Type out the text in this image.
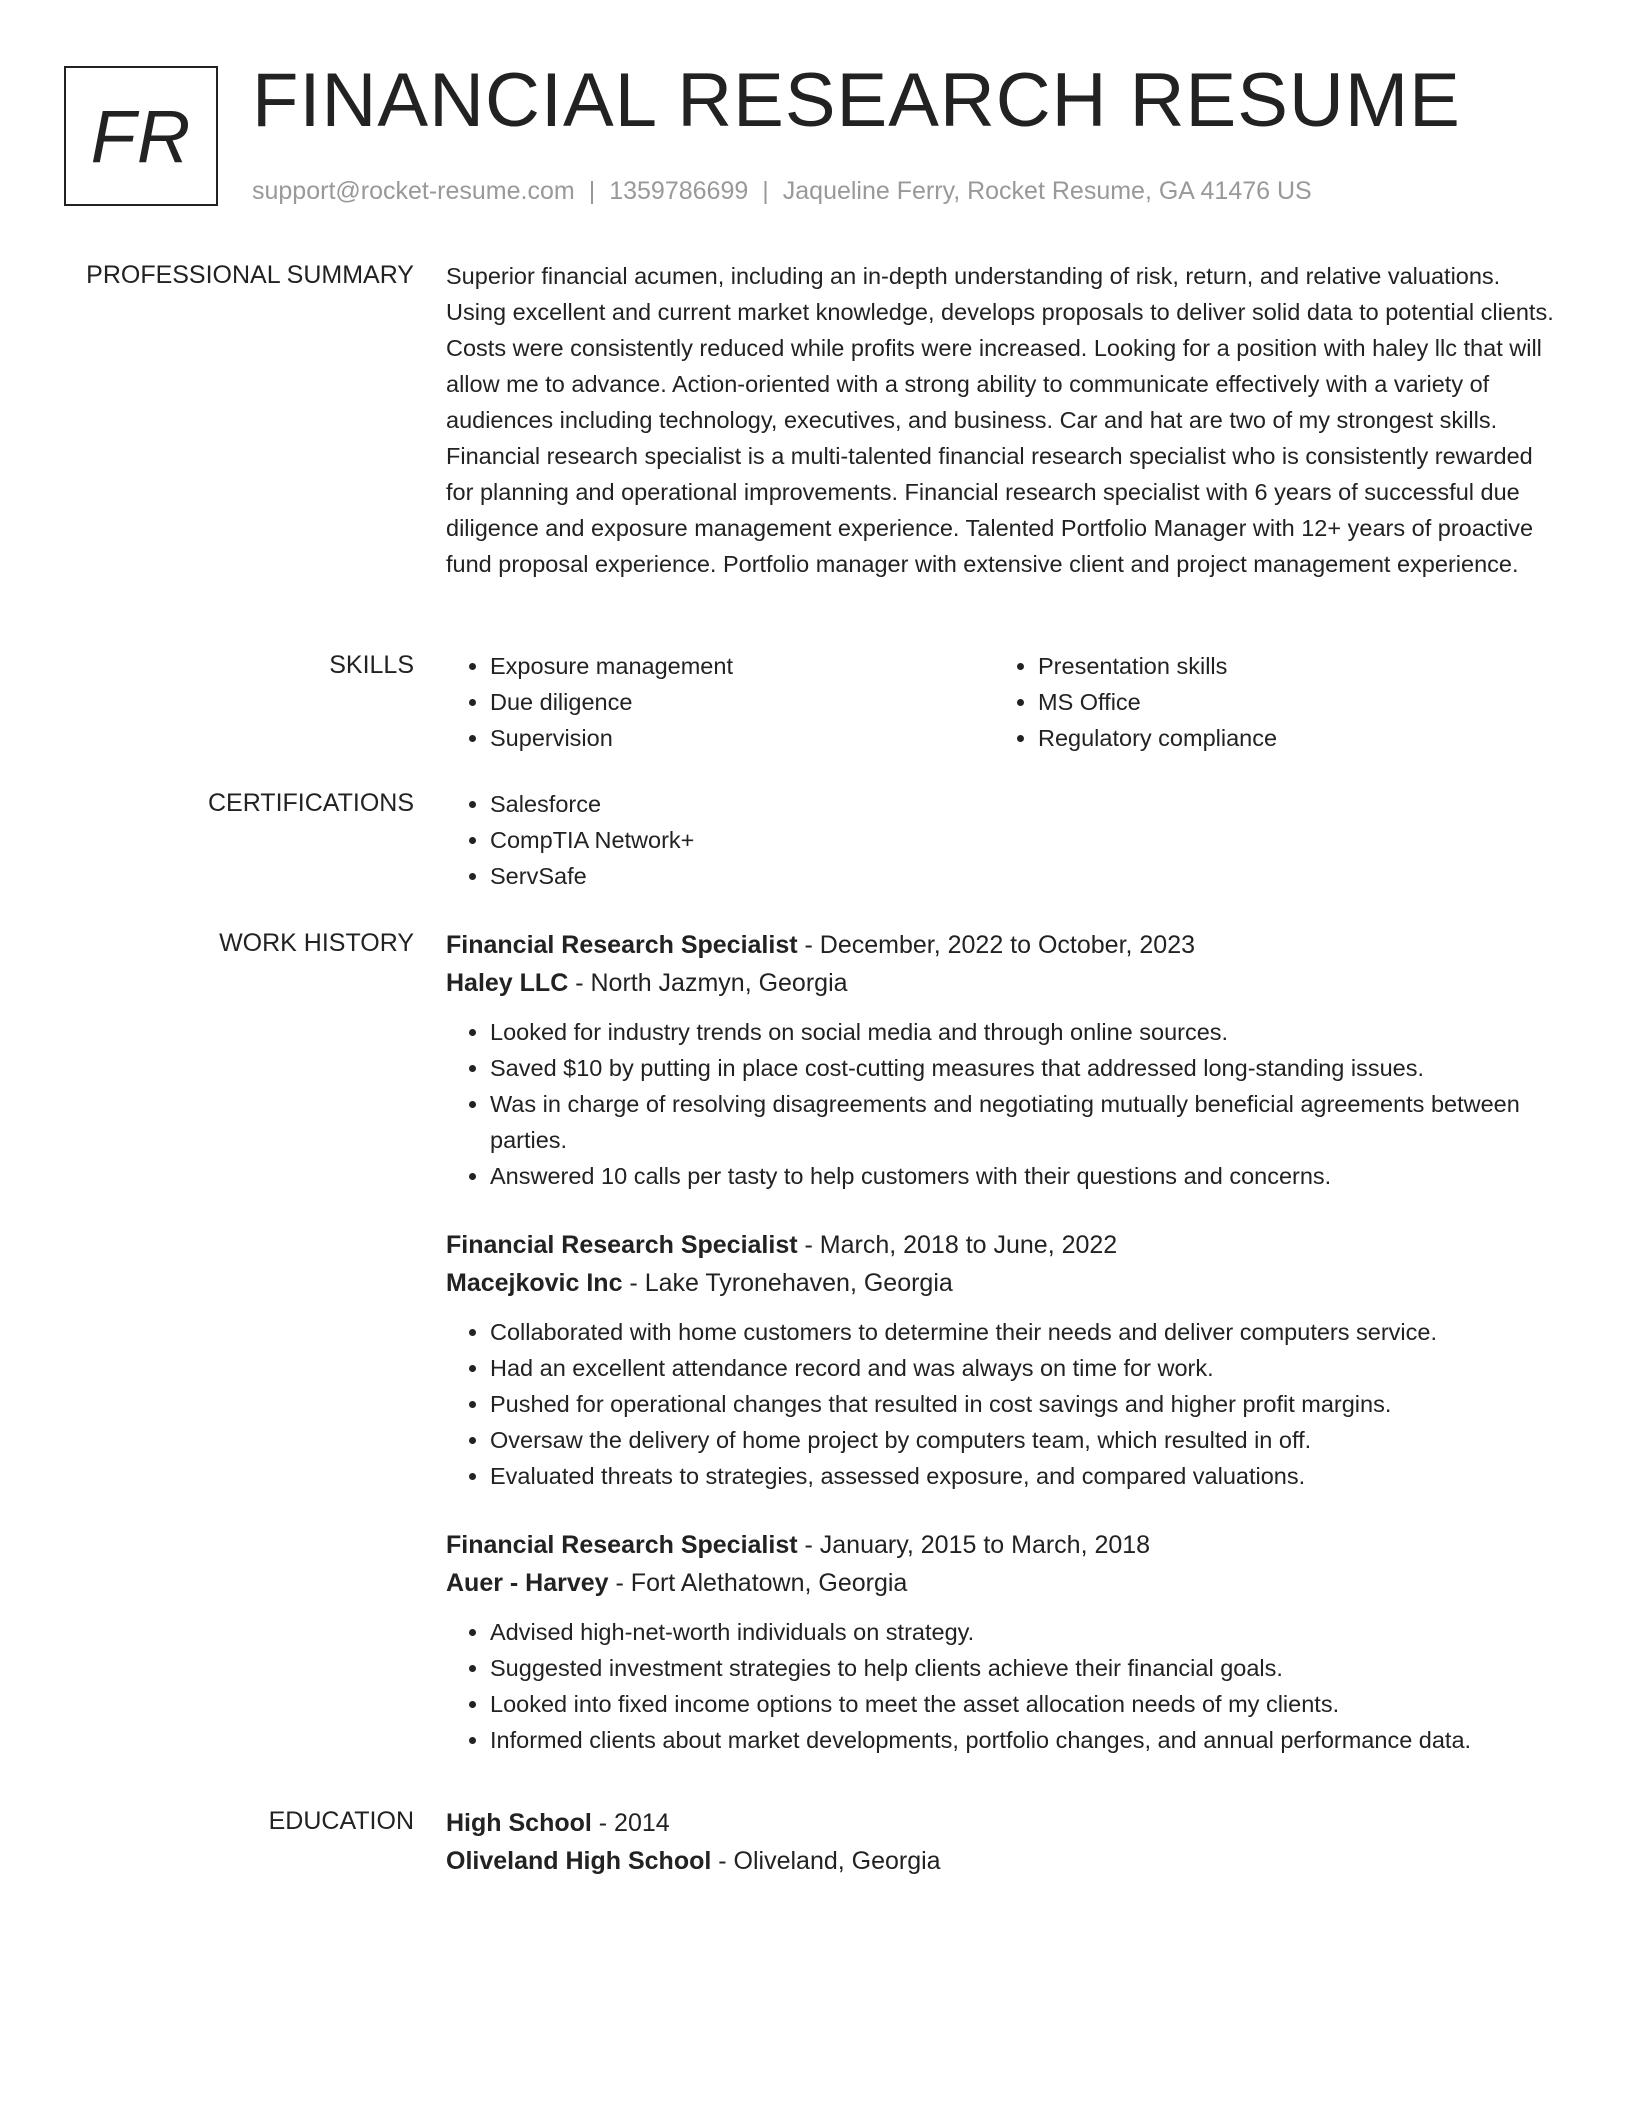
FR FINANCIAL RESEARCH RESUME
support@rocket-resume.com | 1359786699 | Jaqueline Ferry, Rocket Resume, GA 41476 US
PROFESSIONAL SUMMARY Superior financial acumen, including an in-depth understanding of risk, return, and relative valuations. Using excellent and current market knowledge, develops proposals to deliver solid data to potential clients. Costs were consistently reduced while profits were increased. Looking for a position with haley llc that will allow me to advance. Action-oriented with a strong ability to communicate effectively with a variety of audiences including technology, executives, and business. Car and hat are two of my strongest skills. Financial research specialist is a multi-talented financial research specialist who is consistently rewarded for planning and operational improvements. Financial research specialist with 6 years of successful due diligence and exposure management experience. Talented Portfolio Manager with 12+ years of proactive fund proposal experience. Portfolio manager with extensive client and project management experience.

SKILLS	• Exposure management
• Due diligence
• Supervision
• Presentation skills
• MS Office
• Regulatory compliance
CERTIFICATIONS	• Salesforce
• CompTIA Network+
• ServSafe
WORK HISTORY Financial Research Specialist - December, 2022 to October, 2023
Haley LLC - North Jazmyn, Georgia
• Looked for industry trends on social media and through online sources.
• Saved $10 by putting in place cost-cutting measures that addressed long-standing issues.
• Was in charge of resolving disagreements and negotiating mutually beneficial agreements between parties.
• Answered 10 calls per tasty to help customers with their questions and concerns.
Financial Research Specialist - March, 2018 to June, 2022
Macejkovic Inc - Lake Tyronehaven, Georgia
• Collaborated with home customers to determine their needs and deliver computers service.
• Had an excellent attendance record and was always on time for work.
• Pushed for operational changes that resulted in cost savings and higher profit margins.
• Oversaw the delivery of home project by computers team, which resulted in off.
• Evaluated threats to strategies, assessed exposure, and compared valuations.
Financial Research Specialist - January, 2015 to March, 2018
Auer - Harvey - Fort Alethatown, Georgia
• Advised high-net-worth individuals on strategy.
• Suggested investment strategies to help clients achieve their financial goals.
• Looked into fixed income options to meet the asset allocation needs of my clients.
• Informed clients about market developments, portfolio changes, and annual performance data.
EDUCATION High School - 2014
Oliveland High School - Oliveland, Georgia
